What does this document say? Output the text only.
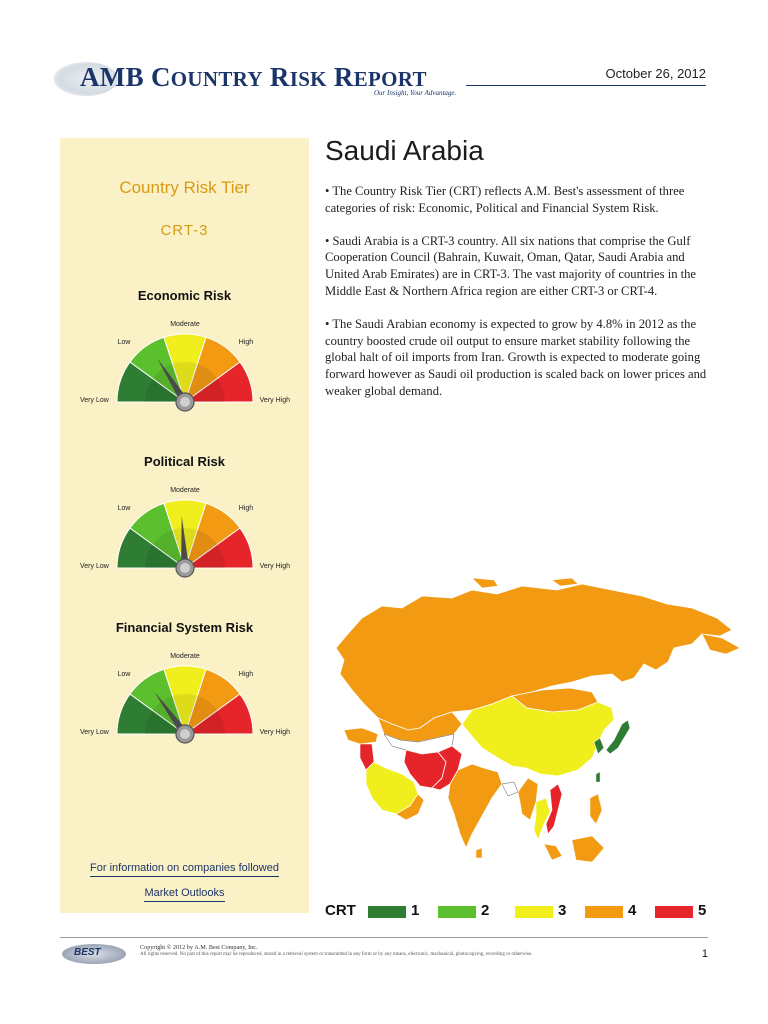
AMB COUNTRY RISK REPORT
Our Insight, Your Advantage.
October 26, 2012
Country Risk Tier
CRT-3
Economic Risk
Very Low
Low
Moderate
High
Very High
Political Risk
Very Low
Low
Moderate
High
Very High
Financial System Risk
Very Low
Low
Moderate
High
Very High
For information on companies followed
Market Outlooks
Saudi Arabia

• The Country Risk Tier (CRT) reflects A.M. Best's assessment of three categories of risk: Economic, Political and Financial System Risk.

• Saudi Arabia is a CRT-3 country. All six nations that comprise the Gulf Cooperation Council (Bahrain, Kuwait, Oman, Qatar, Saudi Arabia and United Arab Emirates) are in CRT-3. The vast majority of countries in the Middle East & Northern Africa region are either CRT-3 or CRT-4.

• The Saudi Arabian economy is expected to grow by 4.8% in 2012 as the country boosted crude oil output to ensure market stability following the global halt of oil imports from Iran. Growth is expected to moderate going forward however as Saudi oil production is scaled back on lower prices and weaker global demand.

CRT	1	2	3	4	5
BEST	Copyright © 2012 by A.M. Best Company, Inc.
All rights reserved. No part of this report may be reproduced, stored in a retrieval system or transmitted in any form or by any means, electronic, mechanical, photocopying, recording or otherwise.	1
